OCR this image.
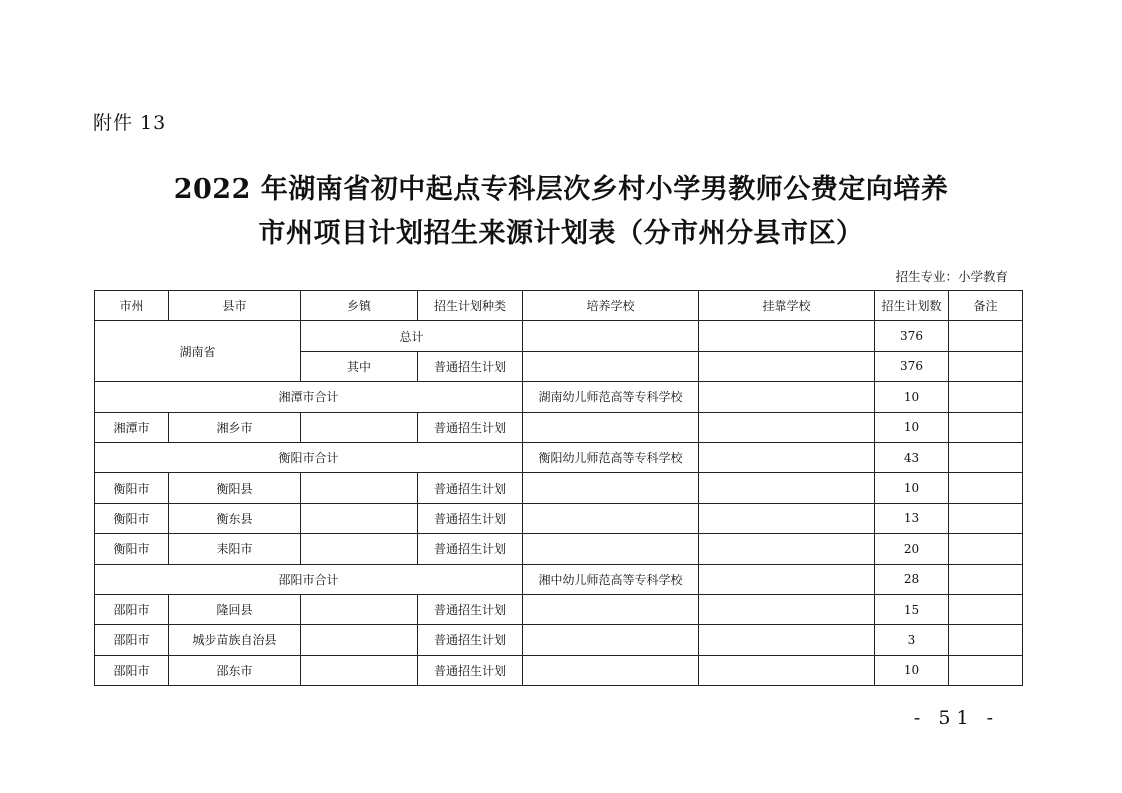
附件 13
2022 年湖南省初中起点专科层次乡村小学男教师公费定向培养
市州项目计划招生来源计划表（分市州分县市区）
招生专业：小学教育
市州	县市	乡镇	招生计划种类	培养学校	挂靠学校	招生计划数	备注
湖南省		总计				376	
		其中	普通招生计划			376	
湘潭市合计				湖南幼儿师范高等专科学校		10	
湘潭市	湘乡市		普通招生计划			10	
衡阳市合计				衡阳幼儿师范高等专科学校		43	
衡阳市	衡阳县		普通招生计划			10	
衡阳市	衡东县		普通招生计划			13	
衡阳市	耒阳市		普通招生计划			20	
邵阳市合计				湘中幼儿师范高等专科学校		28	
邵阳市	隆回县		普通招生计划			15	
邵阳市	城步苗族自治县		普通招生计划			3	
邵阳市	邵东市		普通招生计划			10	
- 51 -
